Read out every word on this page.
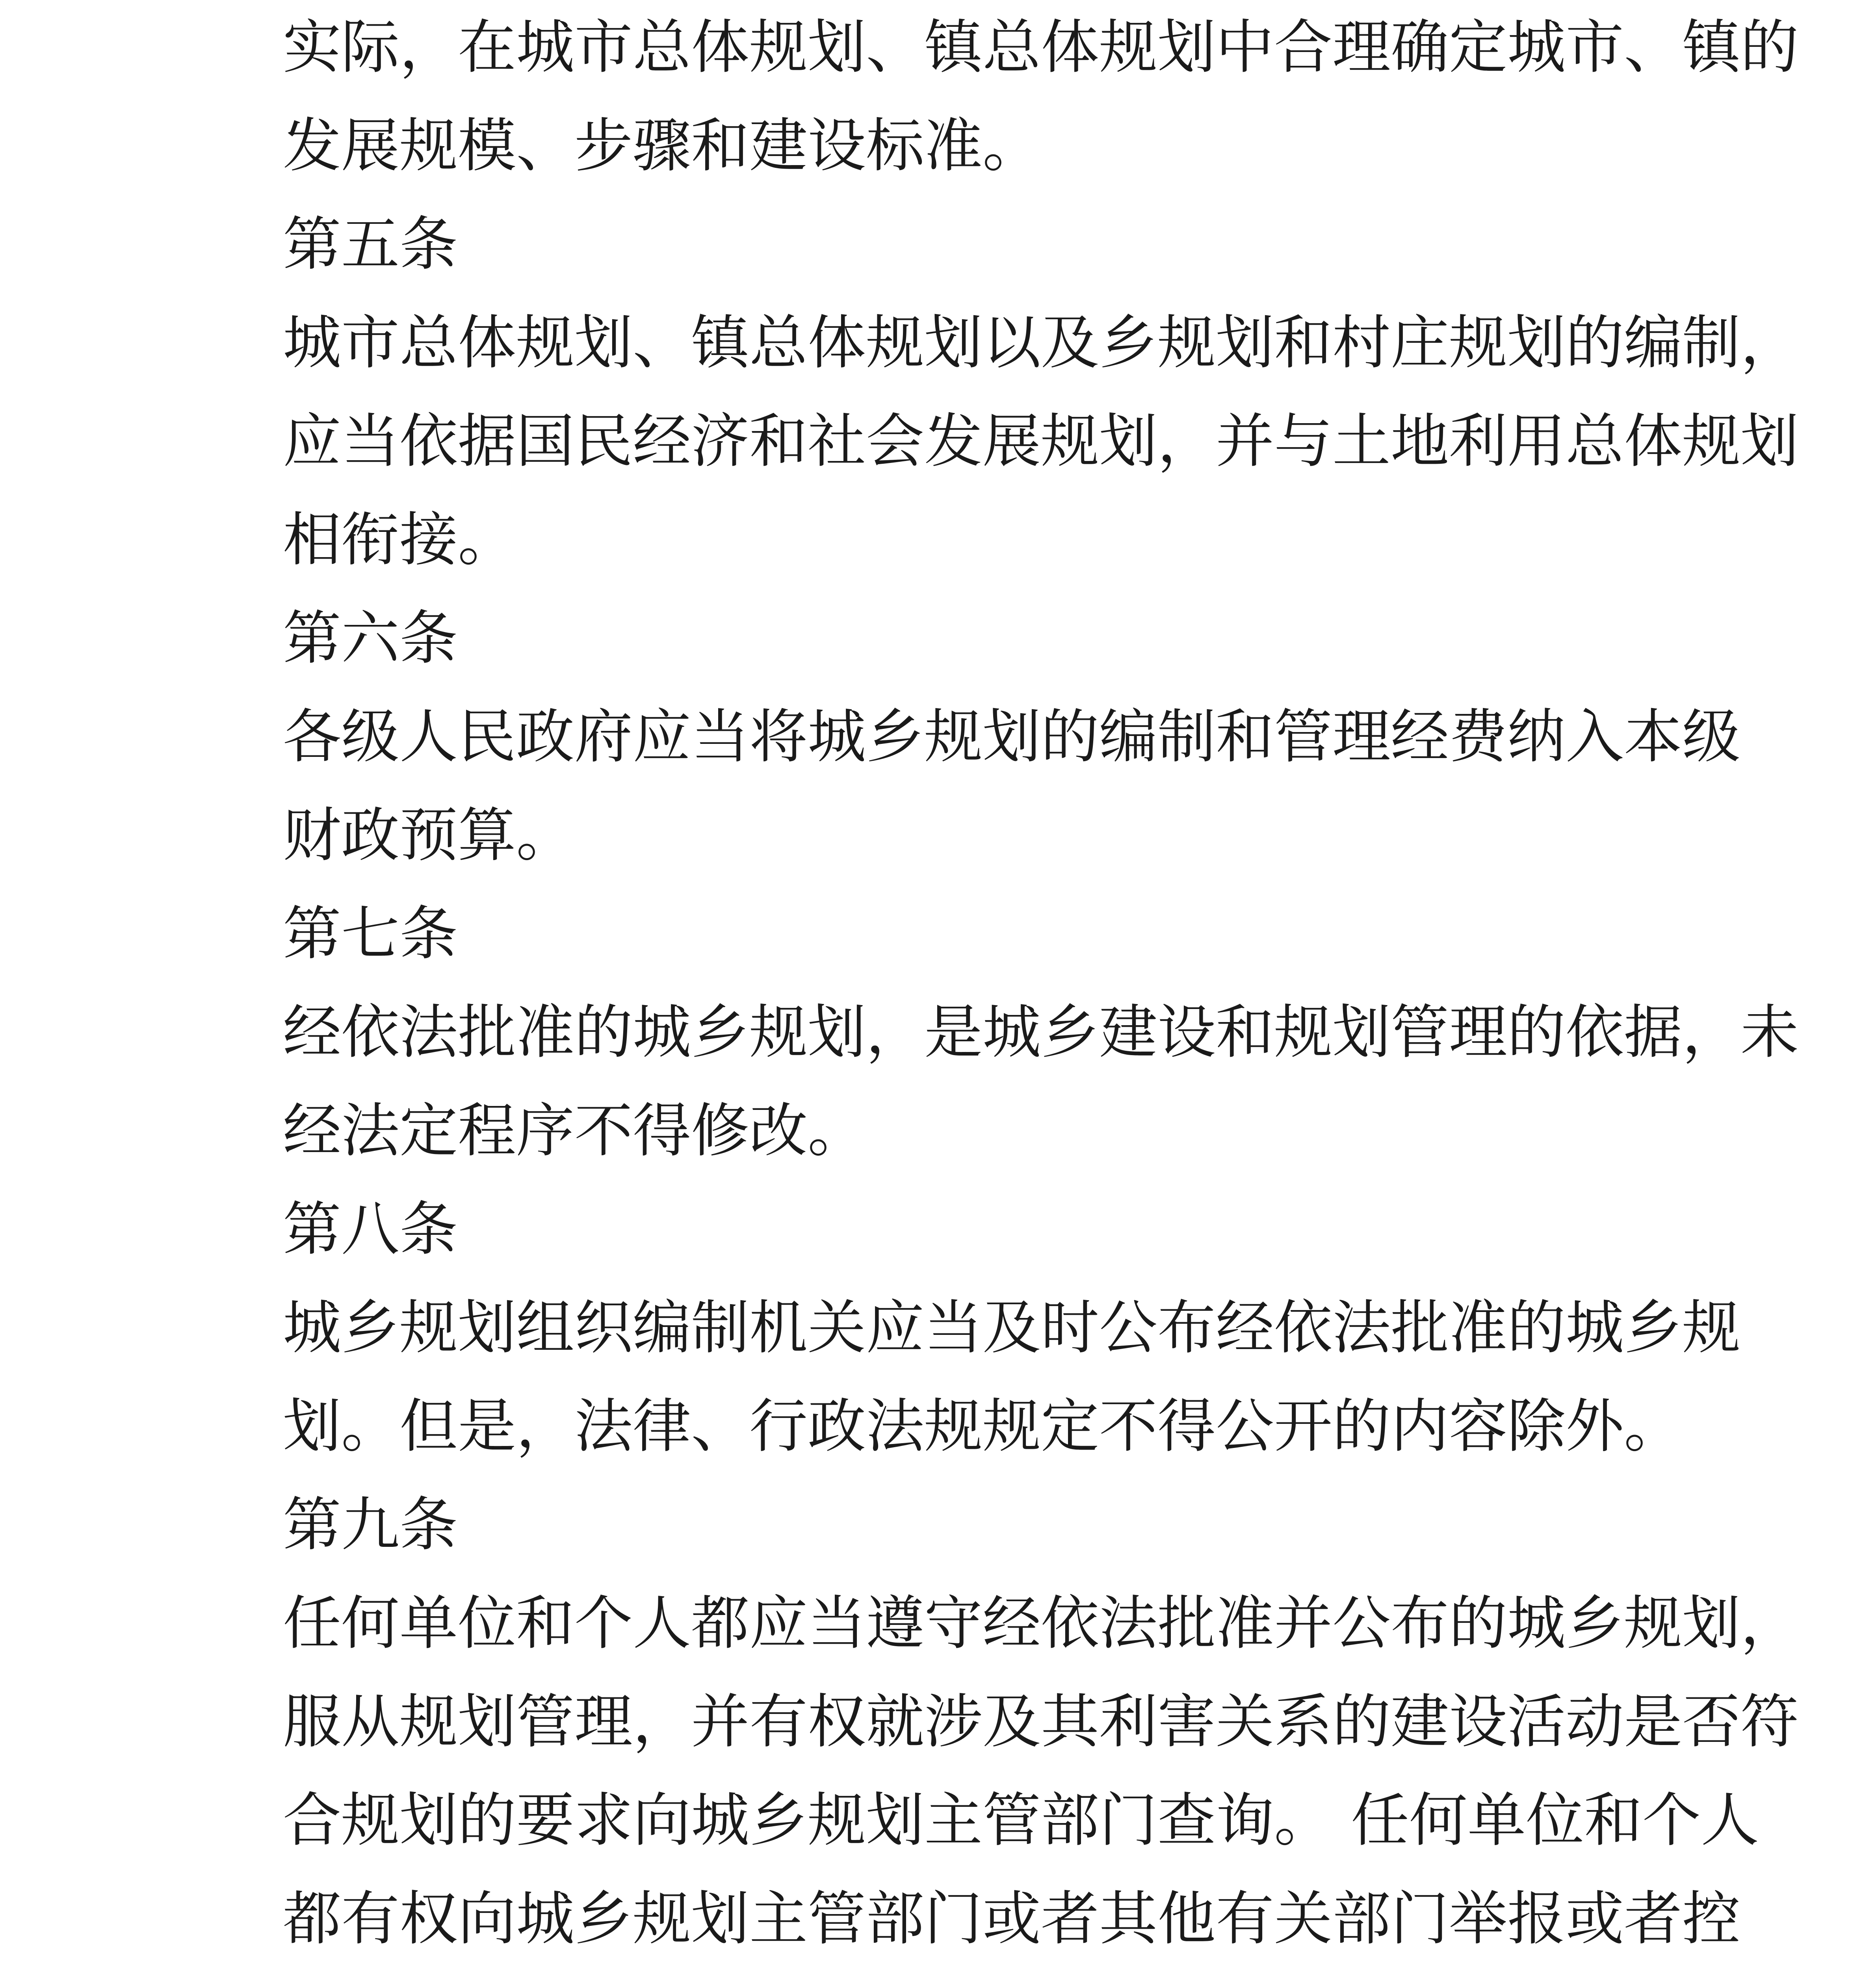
实际，在城市总体规划、镇总体规划中合理确定城市、镇的
发展规模、步骤和建设标准。
第五条
城市总体规划、镇总体规划以及乡规划和村庄规划的编制，
应当依据国民经济和社会发展规划，并与土地利用总体规划
相衔接。
第六条
各级人民政府应当将城乡规划的编制和管理经费纳入本级
财政预算。
第七条
经依法批准的城乡规划，是城乡建设和规划管理的依据，未
经法定程序不得修改。
第八条
城乡规划组织编制机关应当及时公布经依法批准的城乡规
划。但是，法律、行政法规规定不得公开的内容除外。
第九条
任何单位和个人都应当遵守经依法批准并公布的城乡规划，
服从规划管理，并有权就涉及其利害关系的建设活动是否符
合规划的要求向城乡规划主管部门查询。 任何单位和个人
都有权向城乡规划主管部门或者其他有关部门举报或者控
